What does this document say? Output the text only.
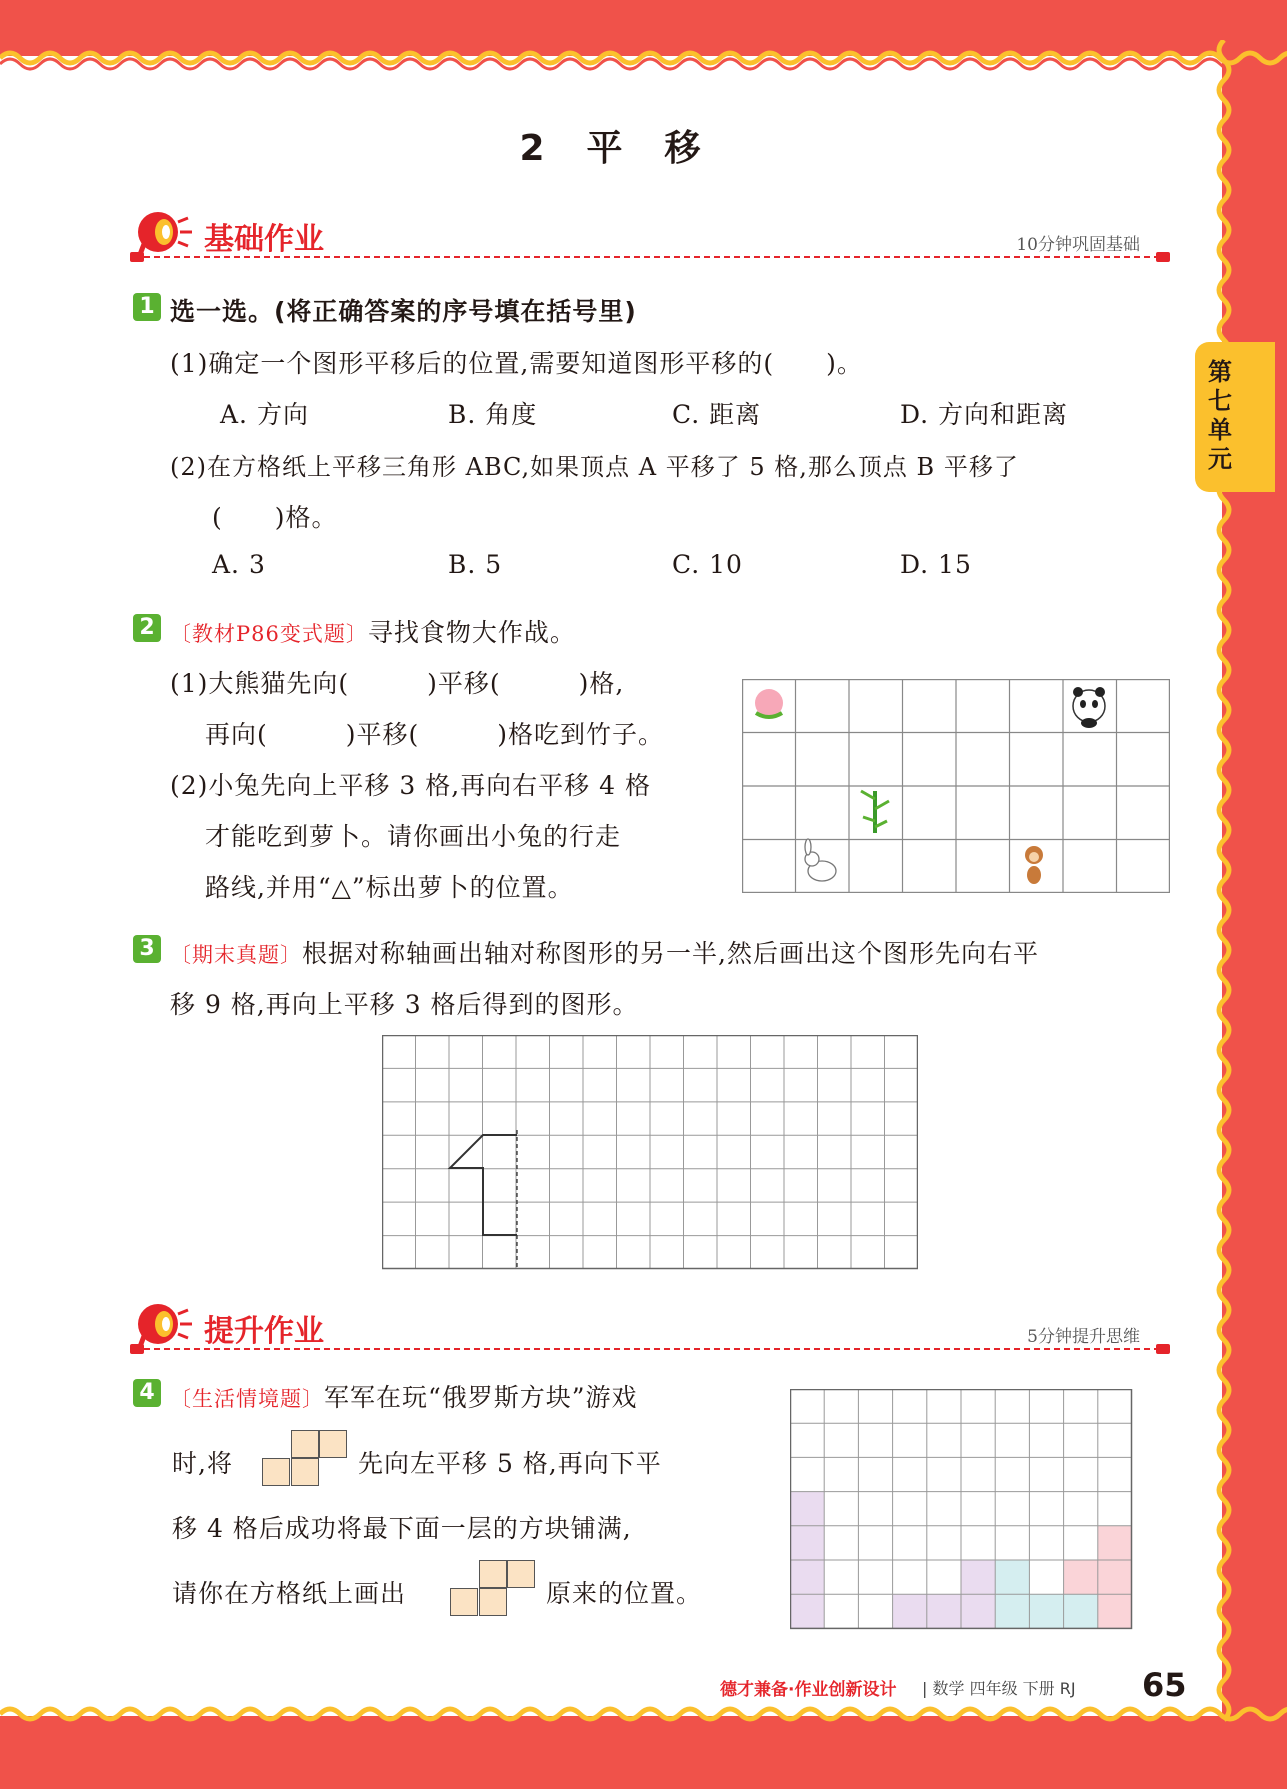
2 平 移
第七单元
基础作业	10分钟巩固基础
1 选一选。(将正确答案的序号填在括号里)
(1)确定一个图形平移后的位置,需要知道图形平移的(　　)。
A. 方向	B. 角度	C. 距离	D. 方向和距离
(2)在方格纸上平移三角形 ABC,如果顶点 A 平移了 5 格,那么顶点 B 平移了
(　　)格。
A. 3	B. 5	C. 10	D. 15
2 〔教材P86变式题〕寻找食物大作战。
(1)大熊猫先向(　　　)平移(　　　)格,
　 再向(　　　)平移(　　　)格吃到竹子。
(2)小兔先向上平移 3 格,再向右平移 4 格
　 才能吃到萝卜。请你画出小兔的行走
　 路线,并用“△”标出萝卜的位置。
3 〔期末真题〕根据对称轴画出轴对称图形的另一半,然后画出这个图形先向右平
移 9 格,再向上平移 3 格后得到的图形。
提升作业	5分钟提升思维
4 〔生活情境题〕军军在玩“俄罗斯方块”游戏
时,将	先向左平移 5 格,再向下平
移 4 格后成功将最下面一层的方块铺满,
请你在方格纸上画出	原来的位置。
德才兼备·作业创新设计 | 数学 四年级 下册 RJ 65
